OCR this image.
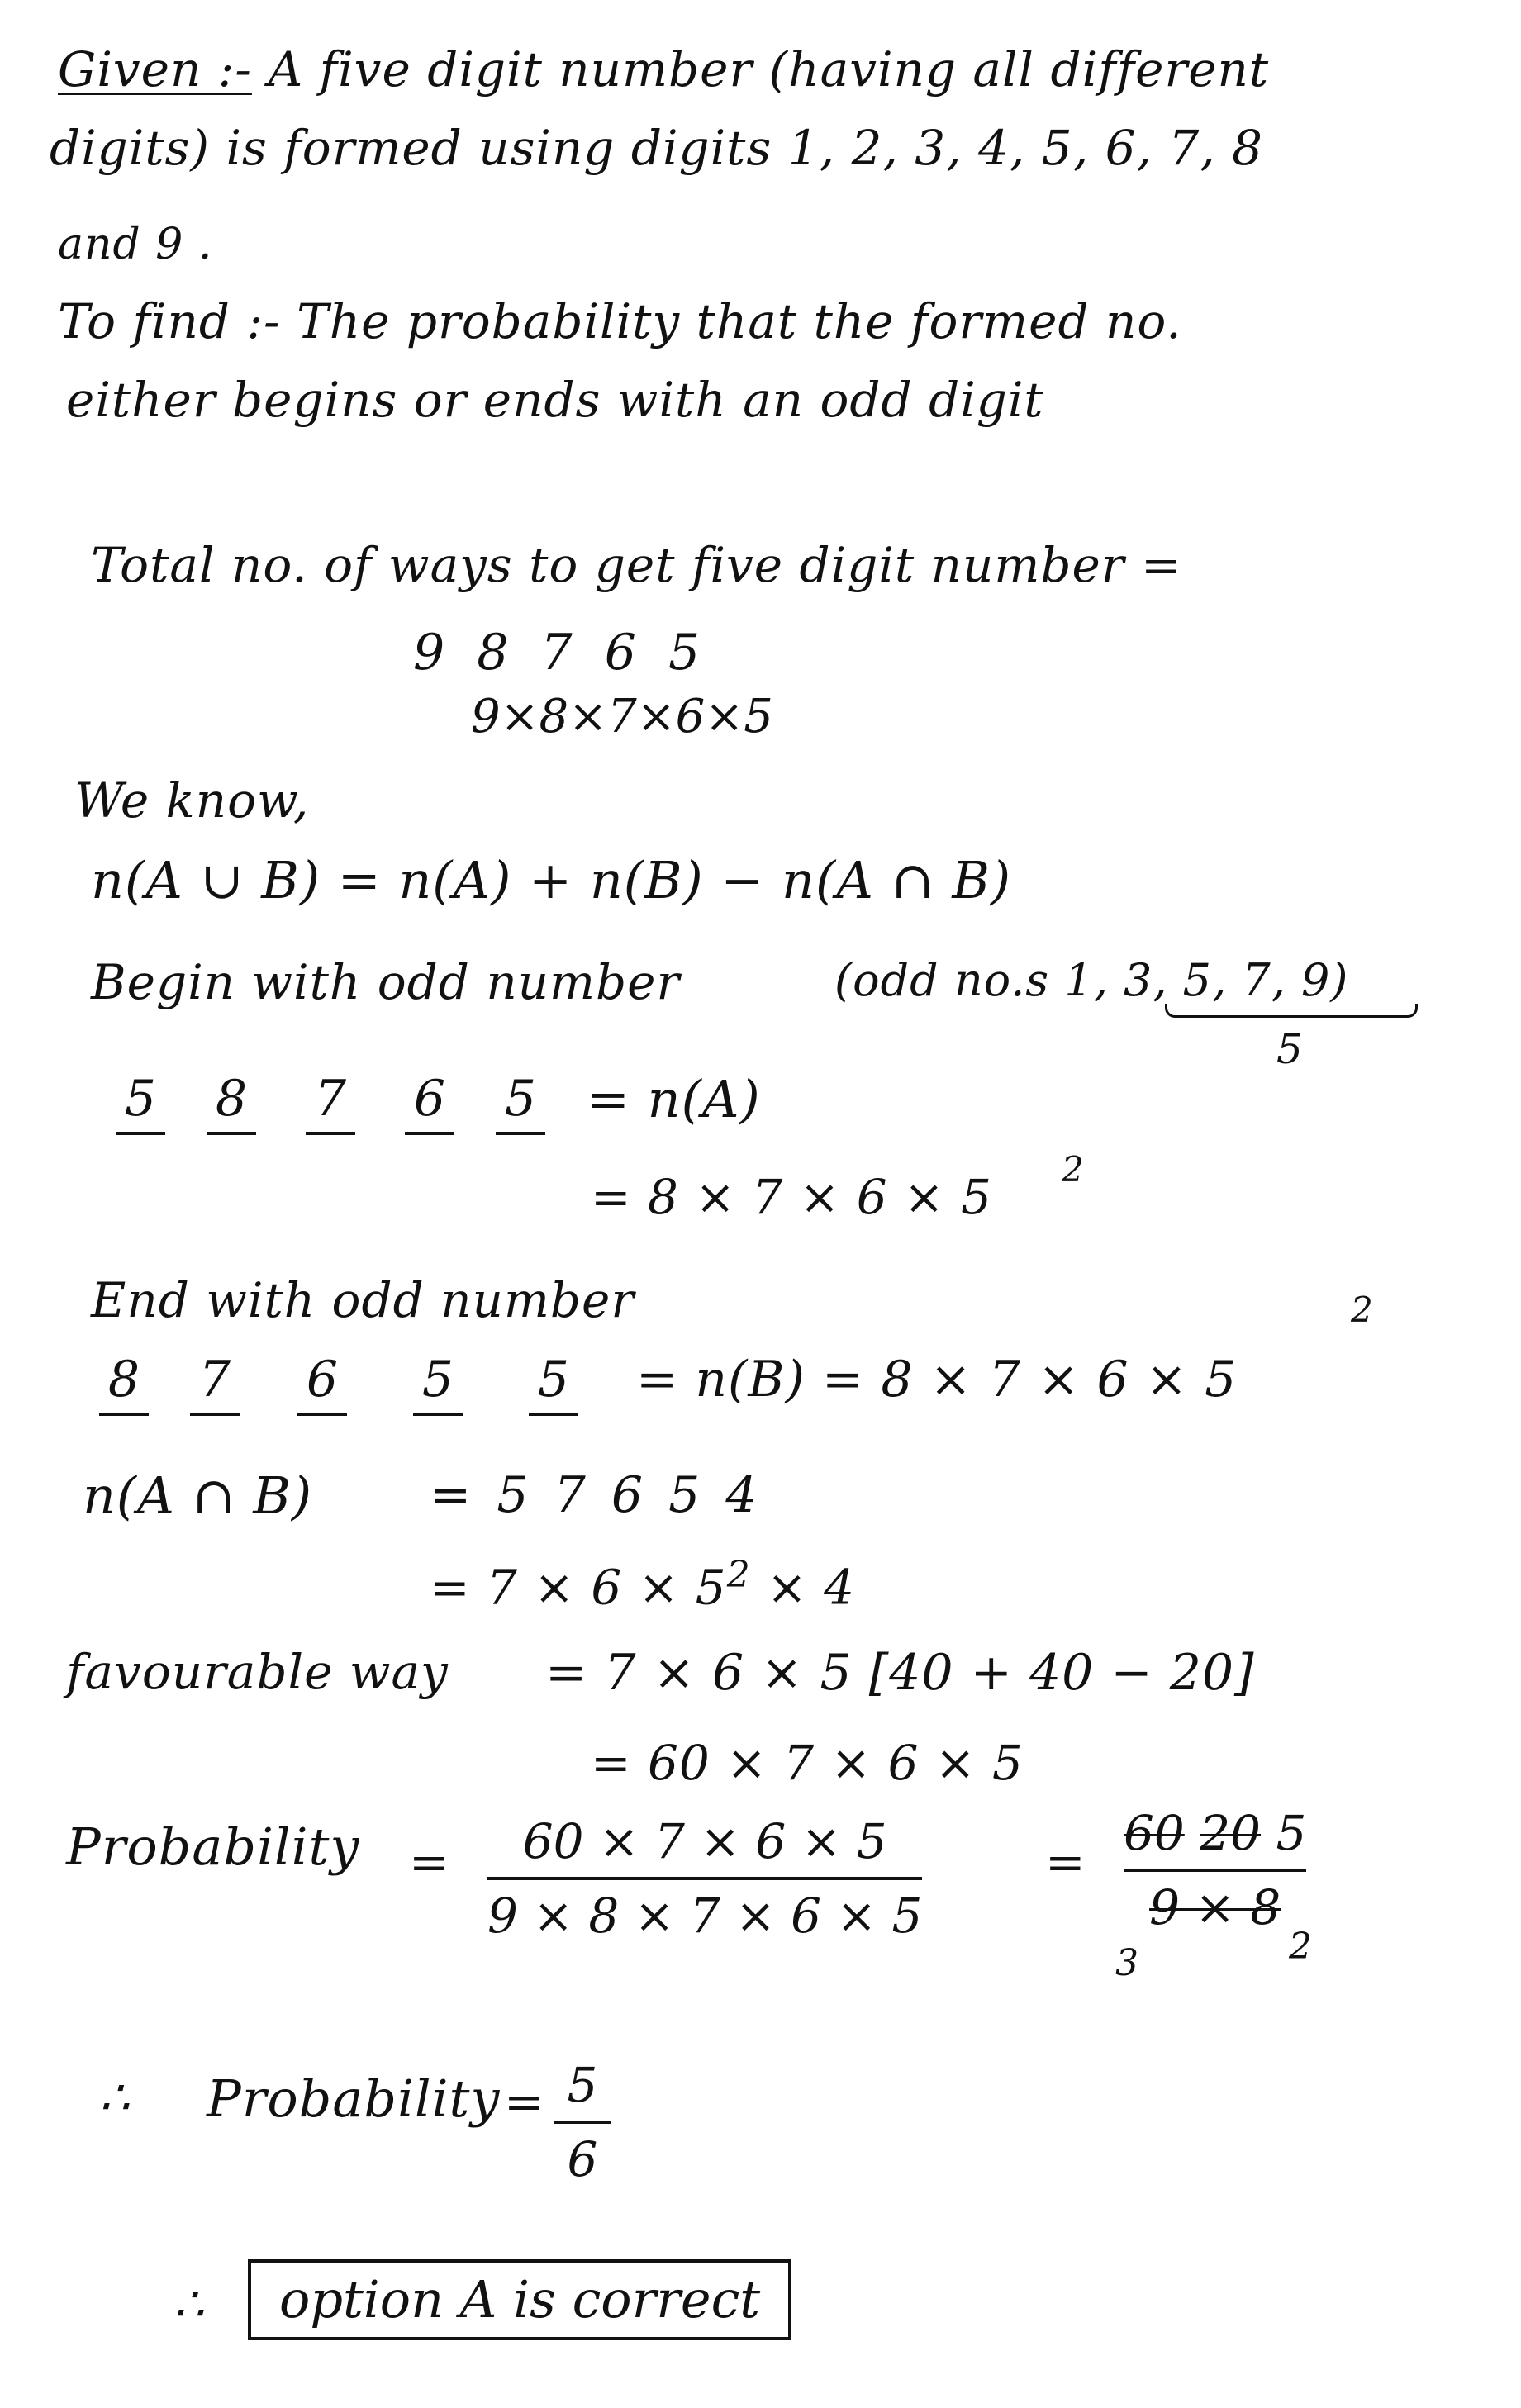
Given :- A five digit number (having all different
digits) is formed using digits 1, 2, 3, 4, 5, 6, 7, 8
and 9 .
To find :- The probability that the formed no.
either begins or ends with an odd digit
Total no. of ways to get five digit number =
9 8 7 6 5
9×8×7×6×5
We know,
n(A ∪ B) = n(A) + n(B) − n(A ∩ B)
Begin with odd number	(odd no.s 1, 3, 5, 7, 9)
5
5 8 7 6 5 = n(A)
= 8 × 7 × 6 × 5 2
End with odd number
8 7 6 5 5 = n(B) = 8 × 7 × 6 × 5
2
n(A ∩ B) = 5 7 6 5 4
= $7 \times 6 \times 5^2 \times 4$
favourable way = 7 × 6 × 5 [40 + 40 − 20]
= 60 × 7 × 6 × 5
Probability = 60 × 7 × 6 × 5
9 × 8 × 7 × 6 × 5
=
60 20 5
9 × 8
3	2
∴ Probability = 5
6
∴	option A is correct
